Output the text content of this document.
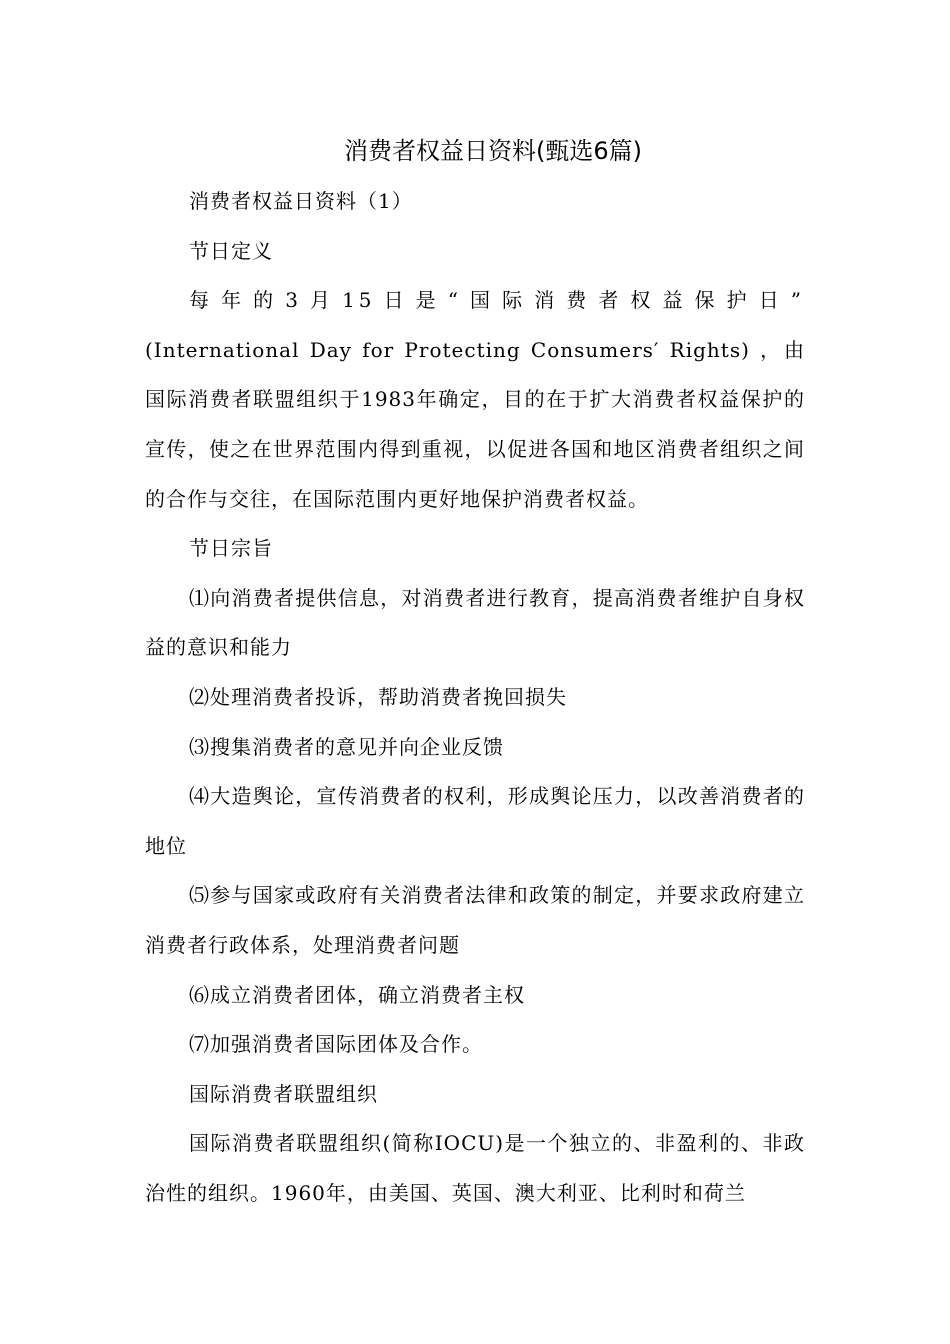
消费者权益日资料(甄选6篇)

消费者权益日资料（1）

节日定义

每年的3月15日是“国际消费者权益保护日”

(International Day for Protecting Consumers′ Rights) ，由国际消费者联盟组织于1983年确定，目的在于扩大消费者权益保护的宣传，使之在世界范围内得到重视，以促进各国和地区消费者组织之间的合作与交往，在国际范围内更好地保护消费者权益。

节日宗旨

⑴向消费者提供信息，对消费者进行教育，提高消费者维护自身权益的意识和能力

⑵处理消费者投诉，帮助消费者挽回损失

⑶搜集消费者的意见并向企业反馈

⑷大造舆论，宣传消费者的权利，形成舆论压力，以改善消费者的地位

⑸参与国家或政府有关消费者法律和政策的制定，并要求政府建立消费者行政体系，处理消费者问题

⑹成立消费者团体，确立消费者主权

⑺加强消费者国际团体及合作。

国际消费者联盟组织

国际消费者联盟组织(简称IOCU)是一个独立的、非盈利的、非政治性的组织。1960年，由美国、英国、澳大利亚、比利时和荷兰
